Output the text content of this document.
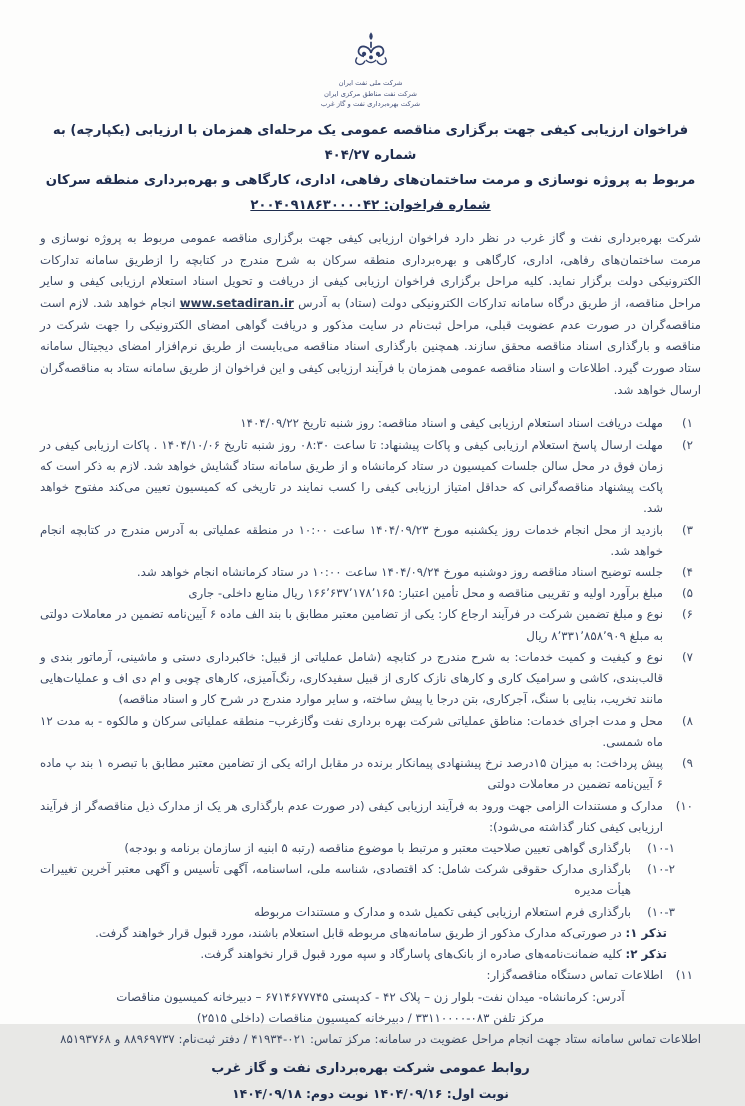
شرکت ملی نفت ایران
شرکت نفت مناطق مرکزی ایران
شرکت بهره‌برداری نفت و گاز غرب
فراخوان ارزیابی کیفی جهت برگزاری مناقصه عمومی یک مرحله‌ای همزمان با ارزیابی (یکپارچه) به شماره ۴۰۴/۲۷
مربوط به پروژه نوسازی و مرمت ساختمان‌های رفاهی، اداری، کارگاهی و بهره‌برداری منطقه سرکان
شماره فراخوان: ۲۰۰۴۰۹۱۸۶۳۰۰۰۰۴۲

شرکت بهره‌برداری نفت و گاز غرب در نظر دارد فراخوان ارزیابی کیفی جهت برگزاری مناقصه عمومی مربوط به پروژه نوسازی و مرمت ساختمان‌های رفاهی، اداری، کارگاهی و بهره‌برداری منطقه سرکان به شرح مندرج در کتابچه را ازطریق سامانه تدارکات الکترونیکی دولت برگزار نماید. کلیه مراحل برگزاری فراخوان ارزیابی کیفی از دریافت و تحویل اسناد استعلام ارزیابی کیفی و سایر مراحل مناقصه، از طریق درگاه سامانه تدارکات الکترونیکی دولت (ستاد) به آدرس www.setadiran.ir انجام خواهد شد. لازم است مناقصه‌گران در صورت عدم عضویت قبلی، مراحل ثبت‌نام در سایت مذکور و دریافت گواهی امضای الکترونیکی را جهت شرکت در مناقصه و بارگذاری اسناد مناقصه محقق سازند. همچنین بارگذاری اسناد مناقصه می‌بایست از طریق نرم‌افزار امضای دیجیتال سامانه ستاد صورت گیرد. اطلاعات و اسناد مناقصه عمومی همزمان با فرآیند ارزیابی کیفی و این فراخوان از طریق سامانه ستاد به مناقصه‌گران ارسال خواهد شد.

۱)
مهلت دریافت اسناد استعلام ارزیابی کیفی و اسناد مناقصه: روز شنبه تاریخ ۱۴۰۴/۰۹/۲۲
۲)
مهلت ارسال پاسخ استعلام ارزیابی کیفی و پاکات پیشنهاد: تا ساعت ۰۸:۳۰ روز شنبه تاریخ ۱۴۰۴/۱۰/۰۶ . پاکات ارزیابی کیفی در زمان فوق در محل سالن جلسات کمیسیون در ستاد کرمانشاه و از طریق سامانه ستاد گشایش خواهد شد. لازم به ذکر است که پاکت پیشنهاد مناقصه‌گرانی که حداقل امتیاز ارزیابی کیفی را کسب نمایند در تاریخی که کمیسیون تعیین می‌کند مفتوح خواهد شد.
۳)
بازدید از محل انجام خدمات روز یکشنبه مورخ ۱۴۰۴/۰۹/۲۳ ساعت ۱۰:۰۰ در منطقه عملیاتی به آدرس مندرج در کتابچه انجام خواهد شد.
۴)
جلسه توضیح اسناد مناقصه روز دوشنبه مورخ ۱۴۰۴/۰۹/۲۴ ساعت ۱۰:۰۰ در ستاد کرمانشاه انجام خواهد شد.
۵)
مبلغ برآورد اولیه و تقریبی مناقصه و محل تأمین اعتبار: ۱۶۶٬۶۳۷٬۱۷۸٬۱۶۵ ریال منابع داخلی- جاری
۶)
نوع و مبلغ تضمین شرکت در فرآیند ارجاع کار: یکی از تضامین معتبر مطابق با بند الف ماده ۶ آیین‌نامه تضمین در معاملات دولتی به مبلغ ۸٬۳۳۱٬۸۵۸٬۹۰۹ ریال
۷)
نوع و کیفیت و کمیت خدمات: به شرح مندرج در کتابچه (شامل عملیاتی از قبیل: خاکبرداری دستی و ماشینی، آرماتور بندی و قالب‌بندی، کاشی و سرامیک کاری و کارهای نازک کاری از قبیل سفیدکاری، رنگ‌آمیزی، کارهای چوبی و ام دی اف و عملیات‌هایی مانند تخریب، بنایی با سنگ، آجرکاری، بتن درجا یا پیش ساخته، و سایر موارد مندرج در شرح کار و اسناد مناقصه)
۸)
محل و مدت اجرای خدمات: مناطق عملیاتی شرکت بهره برداری نفت وگازغرب– منطقه عملیاتی سرکان و مالکوه - به مدت ۱۲ ماه شمسی.
۹)
پیش پرداخت: به میزان ۱۵درصد نرخ پیشنهادی پیمانکار برنده در مقابل ارائه یکی از تضامین معتبر مطابق با تبصره ۱ بند پ ماده ۶ آیین‌نامه تضمین در معاملات دولتی
۱۰)
مدارک و مستندات الزامی جهت ورود به فرآیند ارزیابی کیفی (در صورت عدم بارگذاری هر یک از مدارک ذیل مناقصه‌گر از فرآیند ارزیابی کیفی کنار گذاشته می‌شود):
۱۰-۱)
بارگذاری گواهی تعیین صلاحیت معتبر و مرتبط با موضوع مناقصه (رتبه ۵ ابنیه از سازمان برنامه و بودجه)
۱۰-۲)
بارگذاری مدارک حقوقی شرکت شامل: کد اقتصادی، شناسه ملی، اساسنامه، آگهی تأسیس و آگهی معتبر آخرین تغییرات هیأت مدیره
۱۰-۳)
بارگذاری فرم استعلام ارزیابی کیفی تکمیل شده و مدارک و مستندات مربوطه
تذکر ۱: در صورتی‌که مدارک مذکور از طریق سامانه‌های مربوطه قابل استعلام باشند، مورد قبول قرار خواهند گرفت.
تذکر ۲: کلیه ضمانت‌نامه‌های صادره از بانک‌های پاسارگاد و سپه مورد قبول قرار نخواهند گرفت.
۱۱)
اطلاعات تماس دستگاه مناقصه‌گزار:
آدرس: کرمانشاه- میدان نفت- بلوار زن – پلاک ۴۲ - کدپستی ۶۷۱۴۶۷۷۷۴۵ – دبیرخانه کمیسیون مناقصات
مرکز تلفن ۰۸۳-۳۳۱۱۰۰۰۰ / دبیرخانه کمیسیون مناقصات (داخلی ۲۵۱۵)
اطلاعات تماس سامانه ستاد جهت انجام مراحل عضویت در سامانه: مرکز تماس: ۰۲۱-۴۱۹۳۴ / دفتر ثبت‌نام: ۸۸۹۶۹۷۳۷ و ۸۵۱۹۳۷۶۸
روابط عمومی شرکت بهره‌برداری نفت و گاز غرب
نوبت اول: ۱۴۰۴/۰۹/۱۶ نوبت دوم: ۱۴۰۴/۰۹/۱۸
